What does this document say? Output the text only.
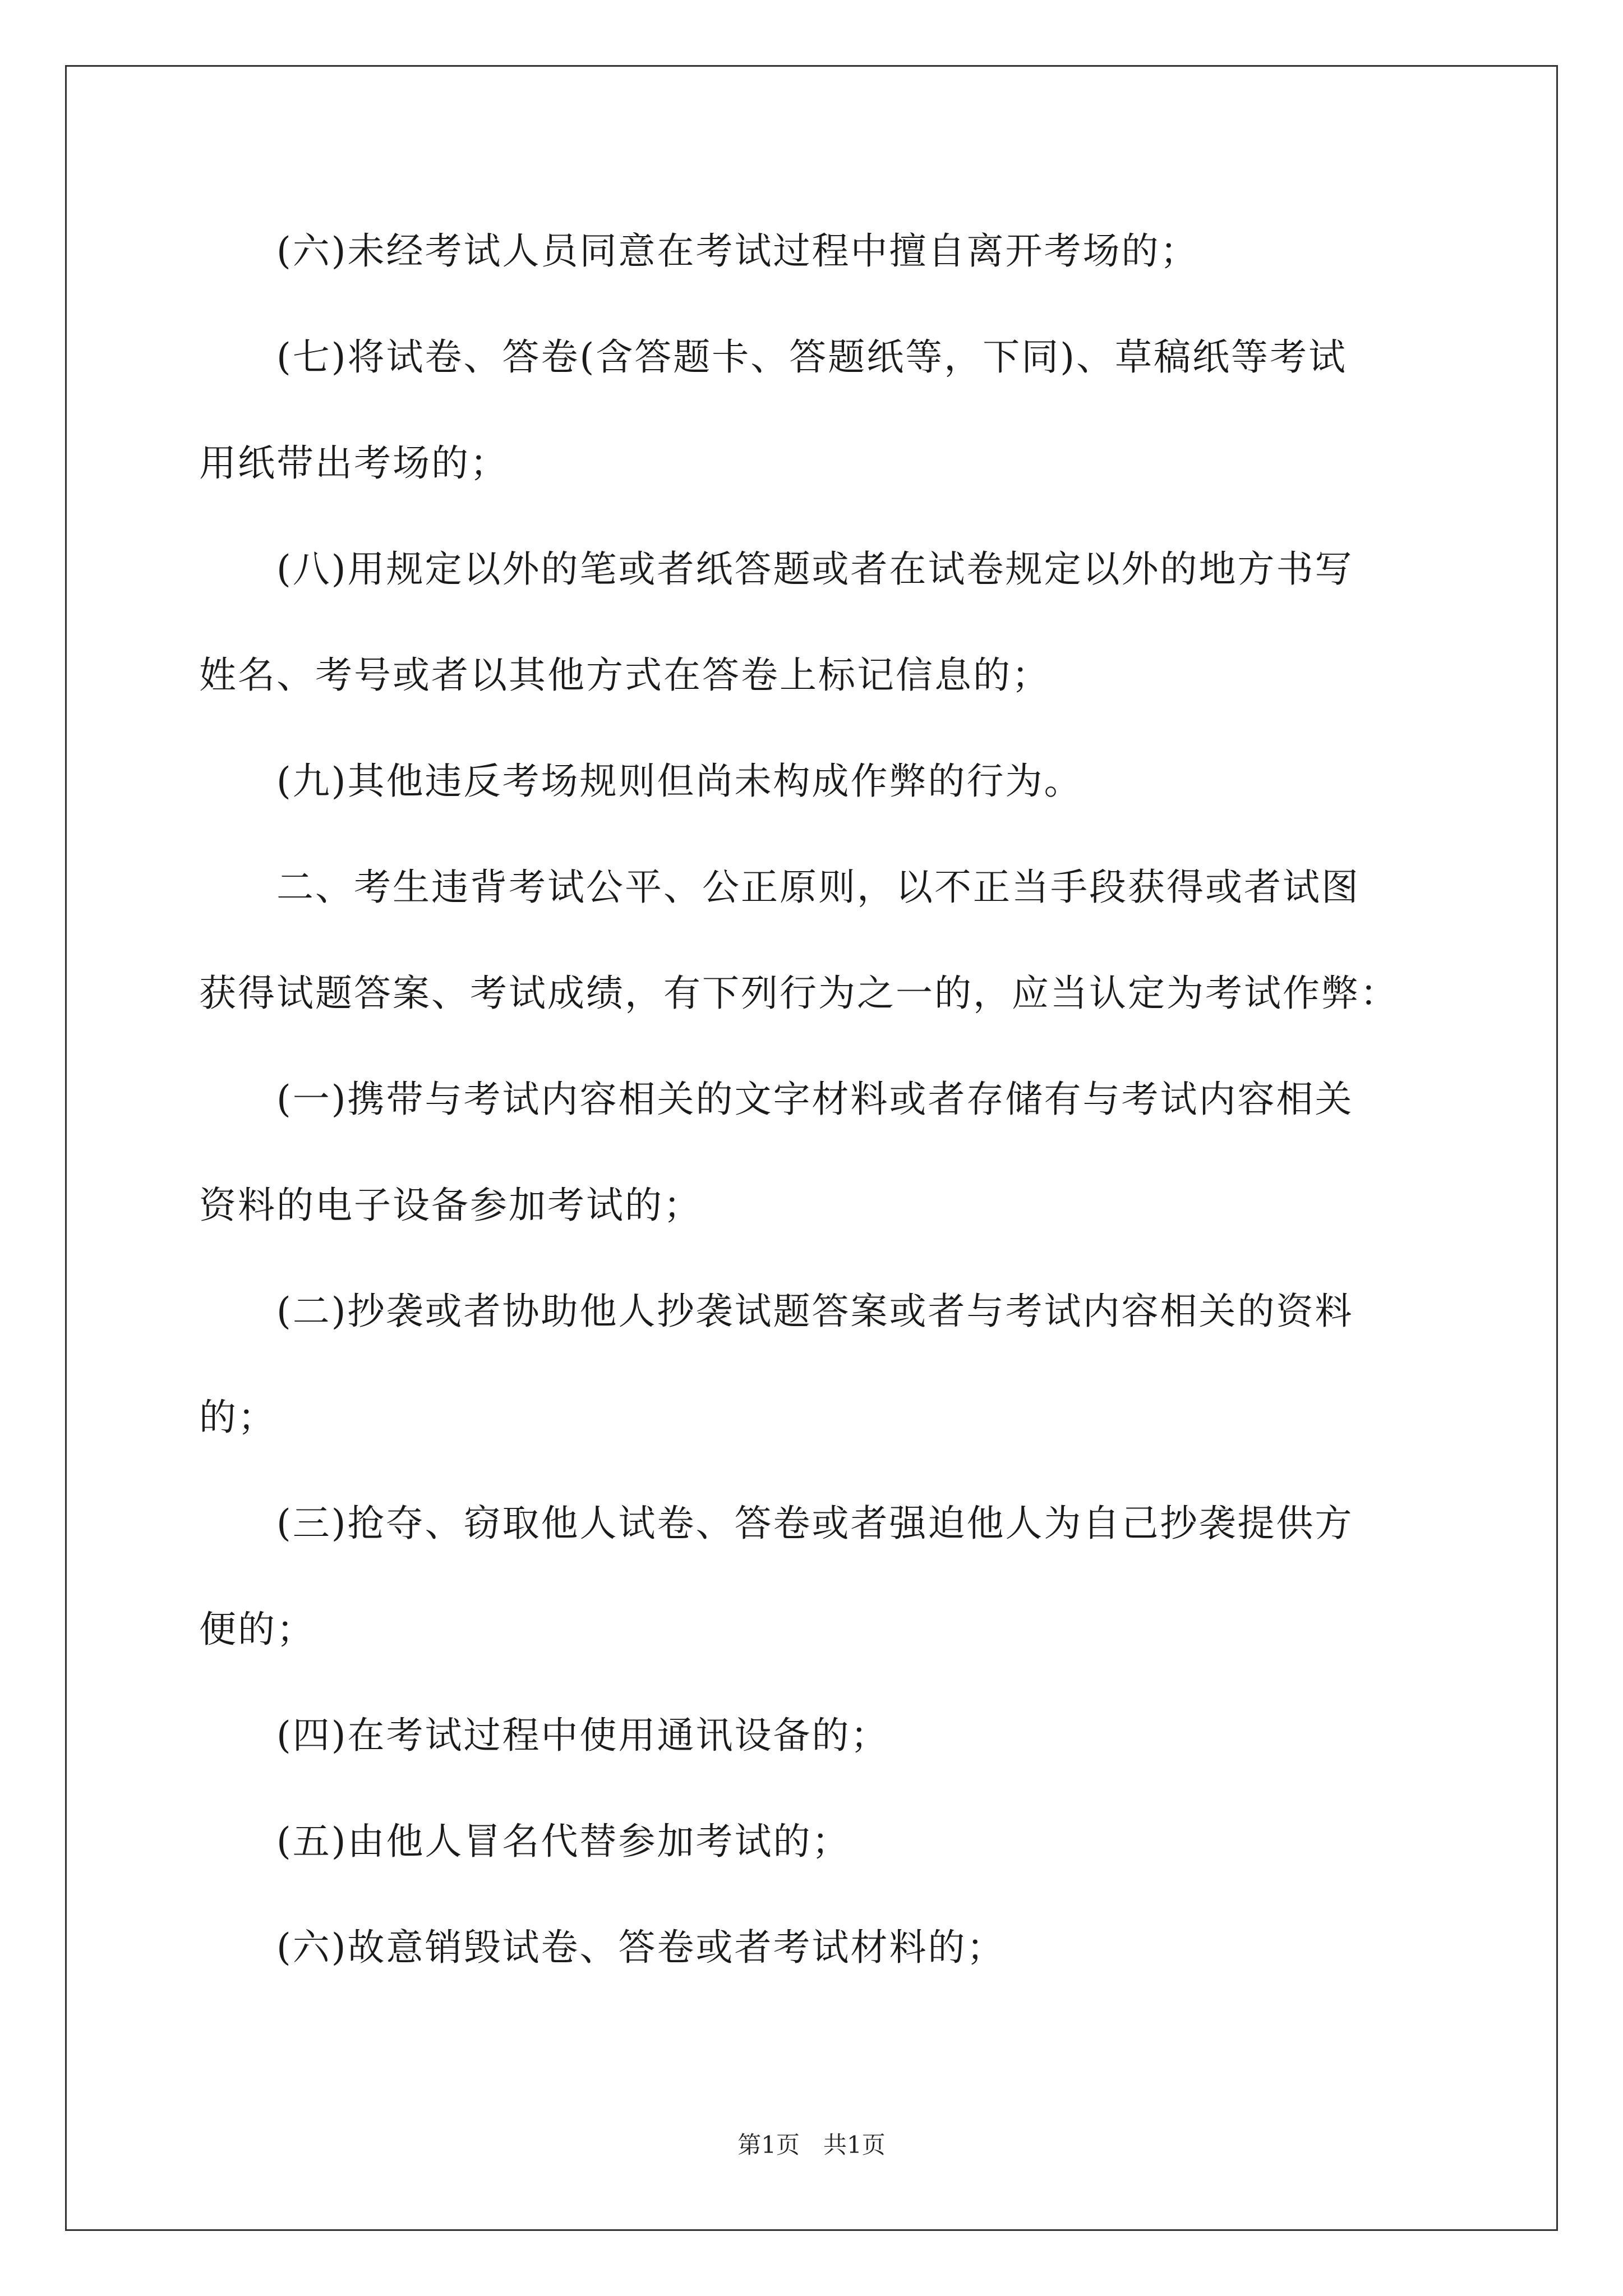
　　(六)未经考试人员同意在考试过程中擅自离开考场的；
　　(七)将试卷、答卷(含答题卡、答题纸等，下同)、草稿纸等考试
用纸带出考场的；
　　(八)用规定以外的笔或者纸答题或者在试卷规定以外的地方书写
姓名、考号或者以其他方式在答卷上标记信息的；
　　(九)其他违反考场规则但尚未构成作弊的行为。
　　二、考生违背考试公平、公正原则，以不正当手段获得或者试图
获得试题答案、考试成绩，有下列行为之一的，应当认定为考试作弊：
　　(一)携带与考试内容相关的文字材料或者存储有与考试内容相关
资料的电子设备参加考试的；
　　(二)抄袭或者协助他人抄袭试题答案或者与考试内容相关的资料
的；
　　(三)抢夺、窃取他人试卷、答卷或者强迫他人为自己抄袭提供方
便的；
　　(四)在考试过程中使用通讯设备的；
　　(五)由他人冒名代替参加考试的；
　　(六)故意销毁试卷、答卷或者考试材料的；
第1页　共1页
